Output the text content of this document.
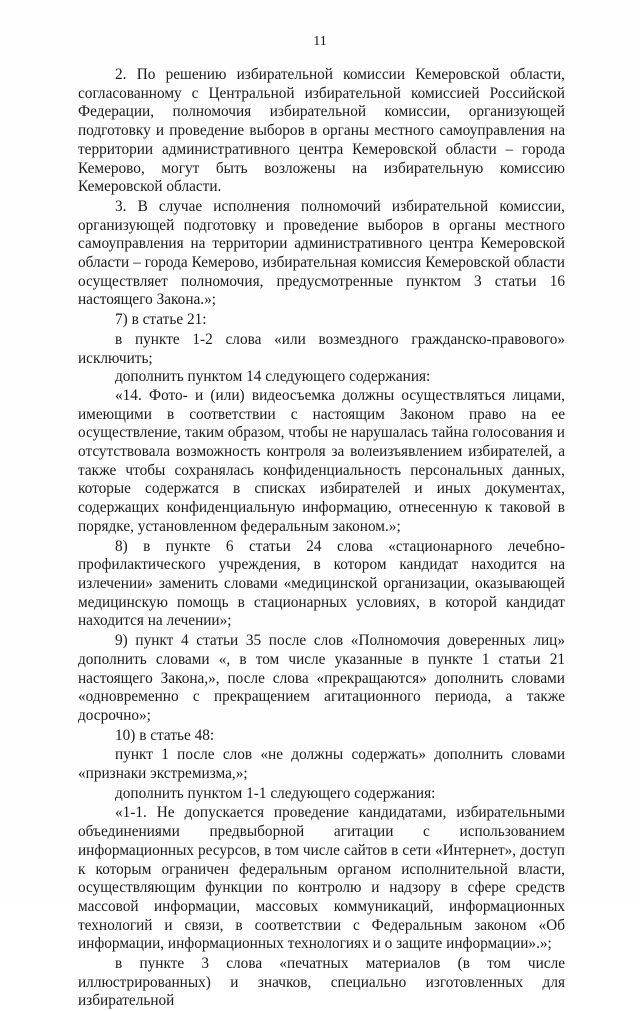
11

2. По решению избирательной комиссии Кемеровской области, согласованному с Центральной избирательной комиссией Российской Федерации, полномочия избирательной комиссии, организующей подготовку и проведение выборов в органы местного самоуправления на территории административного центра Кемеровской области – города Кемерово, могут быть возложены на избирательную комиссию Кемеровской области.

3. В случае исполнения полномочий избирательной комиссии, организующей подготовку и проведение выборов в органы местного самоуправления на территории административного центра Кемеровской области – города Кемерово, избирательная комиссия Кемеровской области осуществляет полномочия, предусмотренные пунктом 3 статьи 16 настоящего Закона.»;

7) в статье 21:

в пункте 1-2 слова «или возмездного гражданско-правового» исключить;

дополнить пунктом 14 следующего содержания:

«14. Фото- и (или) видеосъемка должны осуществляться лицами, имеющими в соответствии с настоящим Законом право на ее осуществление, таким образом, чтобы не нарушалась тайна голосования и отсутствовала возможность контроля за волеизъявлением избирателей, а также чтобы сохранялась конфиденциальность персональных данных, которые содержатся в списках избирателей и иных документах, содержащих конфиденциальную информацию, отнесенную к таковой в порядке, установленном федеральным законом.»;

8) в пункте 6 статьи 24 слова «стационарного лечебно-профилактического учреждения, в котором кандидат находится на излечении» заменить словами «медицинской организации, оказывающей медицинскую помощь в стационарных условиях, в которой кандидат находится на лечении»;

9) пункт 4 статьи 35 после слов «Полномочия доверенных лиц» дополнить словами «, в том числе указанные в пункте 1 статьи 21 настоящего Закона,», после слова «прекращаются» дополнить словами «одновременно с прекращением агитационного периода, а также досрочно»;

10) в статье 48:

пункт 1 после слов «не должны содержать» дополнить словами «признаки экстремизма,»;

дополнить пунктом 1-1 следующего содержания:

«1-1. Не допускается проведение кандидатами, избирательными объединениями предвыборной агитации с использованием информационных ресурсов, в том числе сайтов в сети «Интернет», доступ к которым ограничен федеральным органом исполнительной власти, осуществляющим функции по контролю и надзору в сфере средств массовой информации, массовых коммуникаций, информационных технологий и связи, в соответствии с Федеральным законом «Об информации, информационных технологиях и о защите информации».»;

в пункте 3 слова «печатных материалов (в том числе иллюстрированных) и значков, специально изготовленных для избирательной
